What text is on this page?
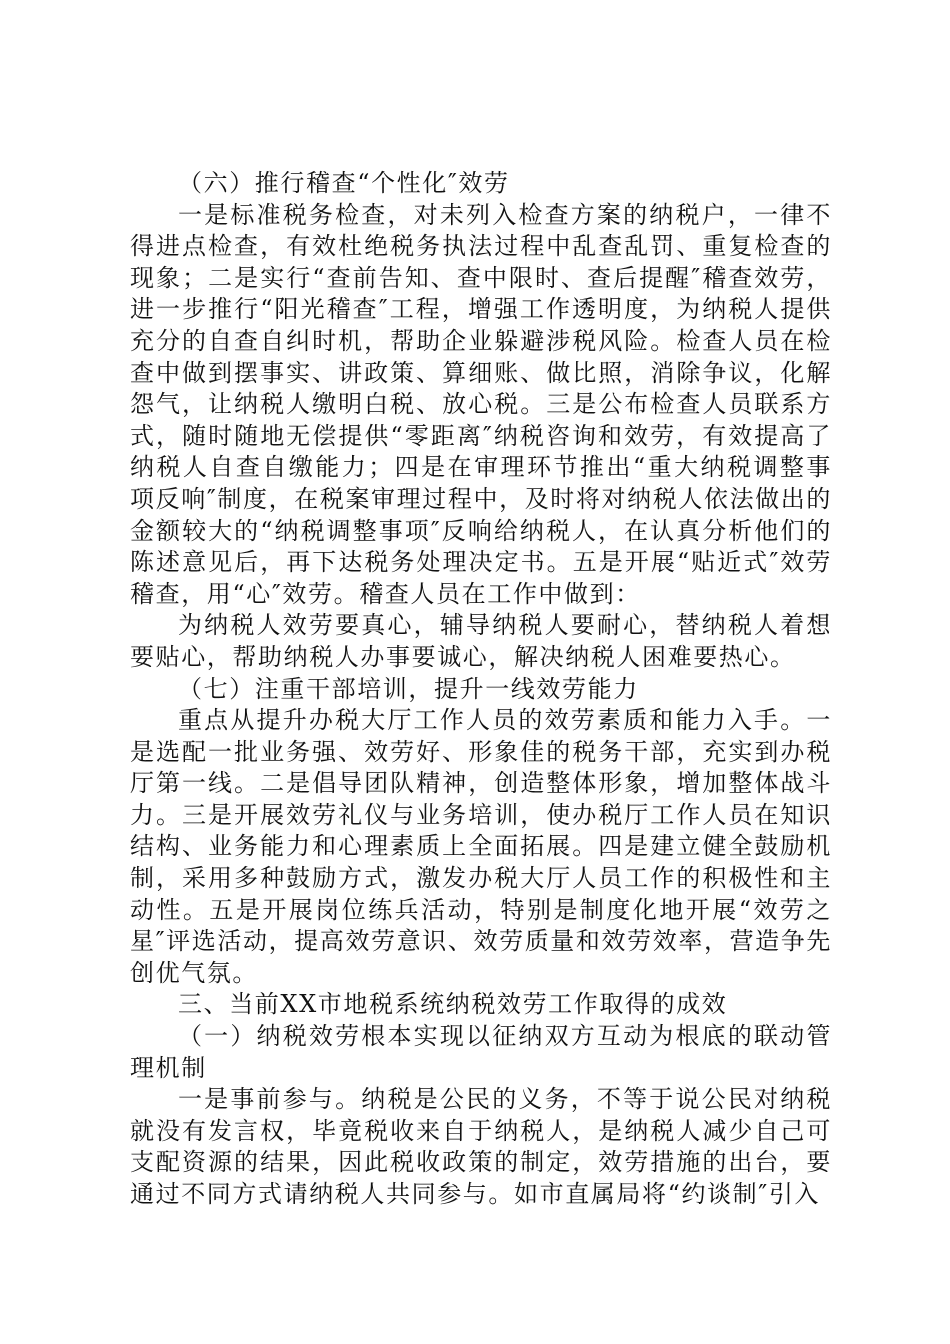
（六）推行稽查“个性化″效劳

一是标准税务检查，对未列入检查方案的纳税户，一律不得进点检查，有效杜绝税务执法过程中乱查乱罚、重复检查的现象；二是实行“查前告知、查中限时、查后提醒″稽查效劳，进一步推行“阳光稽查″工程，增强工作透明度，为纳税人提供充分的自查自纠时机，帮助企业躲避涉税风险。检查人员在检查中做到摆事实、讲政策、算细账、做比照，消除争议，化解怨气，让纳税人缴明白税、放心税。三是公布检查人员联系方式，随时随地无偿提供“零距离″纳税咨询和效劳，有效提高了纳税人自查自缴能力；四是在审理环节推出“重大纳税调整事项反响″制度，在税案审理过程中，及时将对纳税人依法做出的金额较大的“纳税调整事项″反响给纳税人，在认真分析他们的陈述意见后，再下达税务处理决定书。五是开展“贴近式″效劳稽查，用“心″效劳。稽查人员在工作中做到：

为纳税人效劳要真心，辅导纳税人要耐心，替纳税人着想要贴心，帮助纳税人办事要诚心，解决纳税人困难要热心。

（七）注重干部培训，提升一线效劳能力

重点从提升办税大厅工作人员的效劳素质和能力入手。一是选配一批业务强、效劳好、形象佳的税务干部，充实到办税厅第一线。二是倡导团队精神，创造整体形象，增加整体战斗力。三是开展效劳礼仪与业务培训，使办税厅工作人员在知识结构、业务能力和心理素质上全面拓展。四是建立健全鼓励机制，采用多种鼓励方式，激发办税大厅人员工作的积极性和主动性。五是开展岗位练兵活动，特别是制度化地开展“效劳之星″评选活动，提高效劳意识、效劳质量和效劳效率，营造争先创优气氛。

三、当前XX市地税系统纳税效劳工作取得的成效

（一）纳税效劳根本实现以征纳双方互动为根底的联动管理机制

一是事前参与。纳税是公民的义务，不等于说公民对纳税就没有发言权，毕竟税收来自于纳税人，是纳税人减少自己可支配资源的结果，因此税收政策的制定，效劳措施的出台，要通过不同方式请纳税人共同参与。如市直属局将“约谈制″引入
